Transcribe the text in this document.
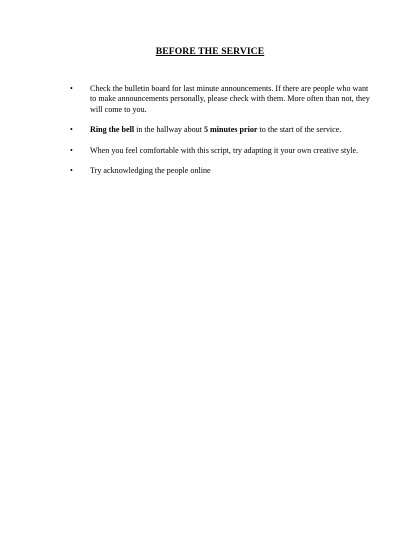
BEFORE THE SERVICE
• Check the bulletin board for last minute announcements. If there are people who want to make announcements personally, please check with them. More often than not, they will come to you.
• Ring the bell in the hallway about 5 minutes prior to the start of the service.
• When you feel comfortable with this script, try adapting it your own creative style.
• Try acknowledging the people online
